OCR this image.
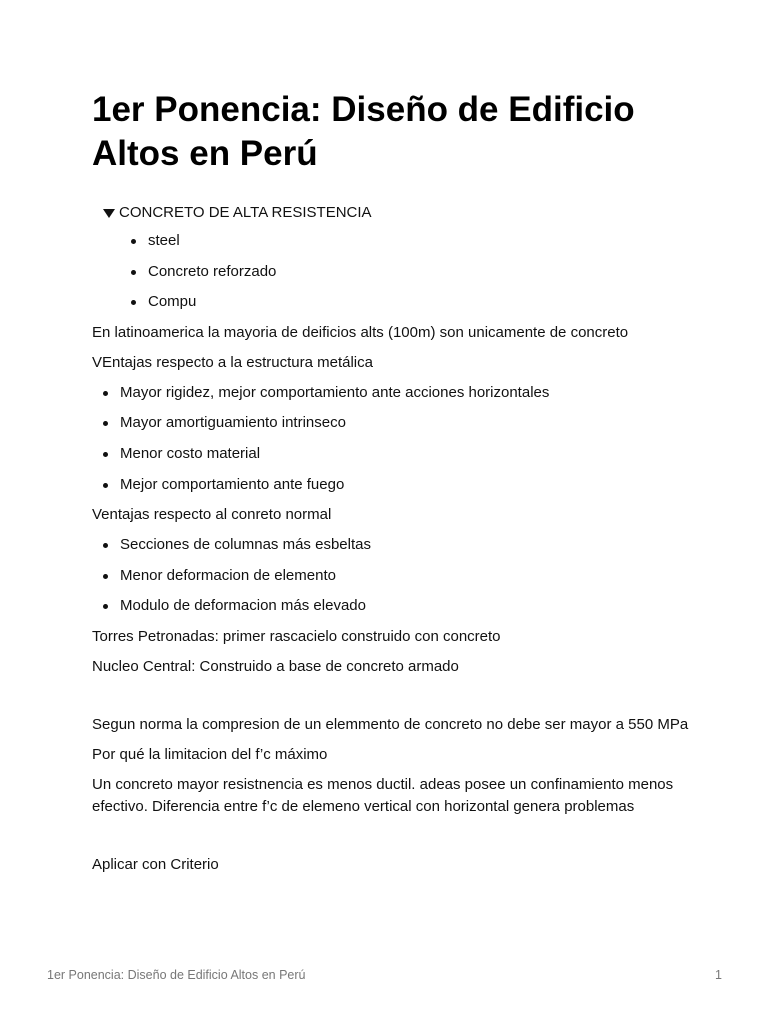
1er Ponencia: Diseño de Edificio Altos en Perú
CONCRETO DE ALTA RESISTENCIA
steel
Concreto reforzado
Compu

En latinoamerica la mayoria de deificios alts (100m) son unicamente de concreto

VEntajas respecto a la estructura metálica

Mayor rigidez, mejor comportamiento ante acciones horizontales
Mayor amortiguamiento intrinseco
Menor costo material
Mejor comportamiento ante fuego

Ventajas respecto al conreto normal

Secciones de columnas más esbeltas
Menor deformacion de elemento
Modulo de deformacion más elevado

Torres Petronadas: primer rascacielo construido con concreto

Nucleo Central: Construido a base de concreto armado

Segun norma la compresion de un elemmento de concreto no debe ser mayor a 550 MPa

Por qué la limitacion del f’c máximo

Un concreto mayor resistnencia es menos ductil. adeas posee un confinamiento menos efectivo. Diferencia entre f’c de elemeno vertical con horizontal genera problemas

Aplicar con Criterio

1er Ponencia: Diseño de Edificio Altos en Perú	1
